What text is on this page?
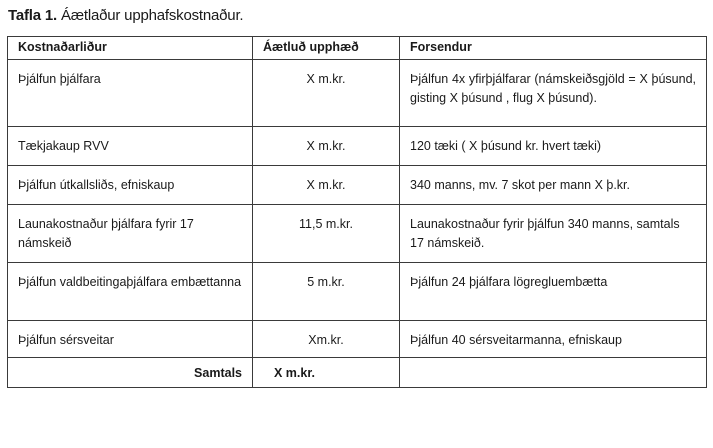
Tafla 1. Áætlaður upphafskostnaður.
Kostnaðarliður	Áætluð upphæð	Forsendur
Þjálfun þjálfara	X m.kr.	Þjálfun 4x yfirþjálfarar (námskeiðsgjöld = X þúsund, gisting X þúsund , flug X þúsund).
Tækjakaup RVV	X m.kr.	120 tæki ( X þúsund kr. hvert tæki)
Þjálfun útkallsliðs, efniskaup	X m.kr.	340 manns, mv. 7 skot per mann X þ.kr.
Launakostnaður þjálfara fyrir 17 námskeið	11,5 m.kr.	Launakostnaður fyrir þjálfun 340 manns, samtals 17 námskeið.
Þjálfun valdbeitingaþjálfara embættanna	5 m.kr.	Þjálfun 24 þjálfara lögregluembætta
Þjálfun sérsveitar	Xm.kr.	Þjálfun 40 sérsveitarmanna, efniskaup
Samtals	X m.kr.	
